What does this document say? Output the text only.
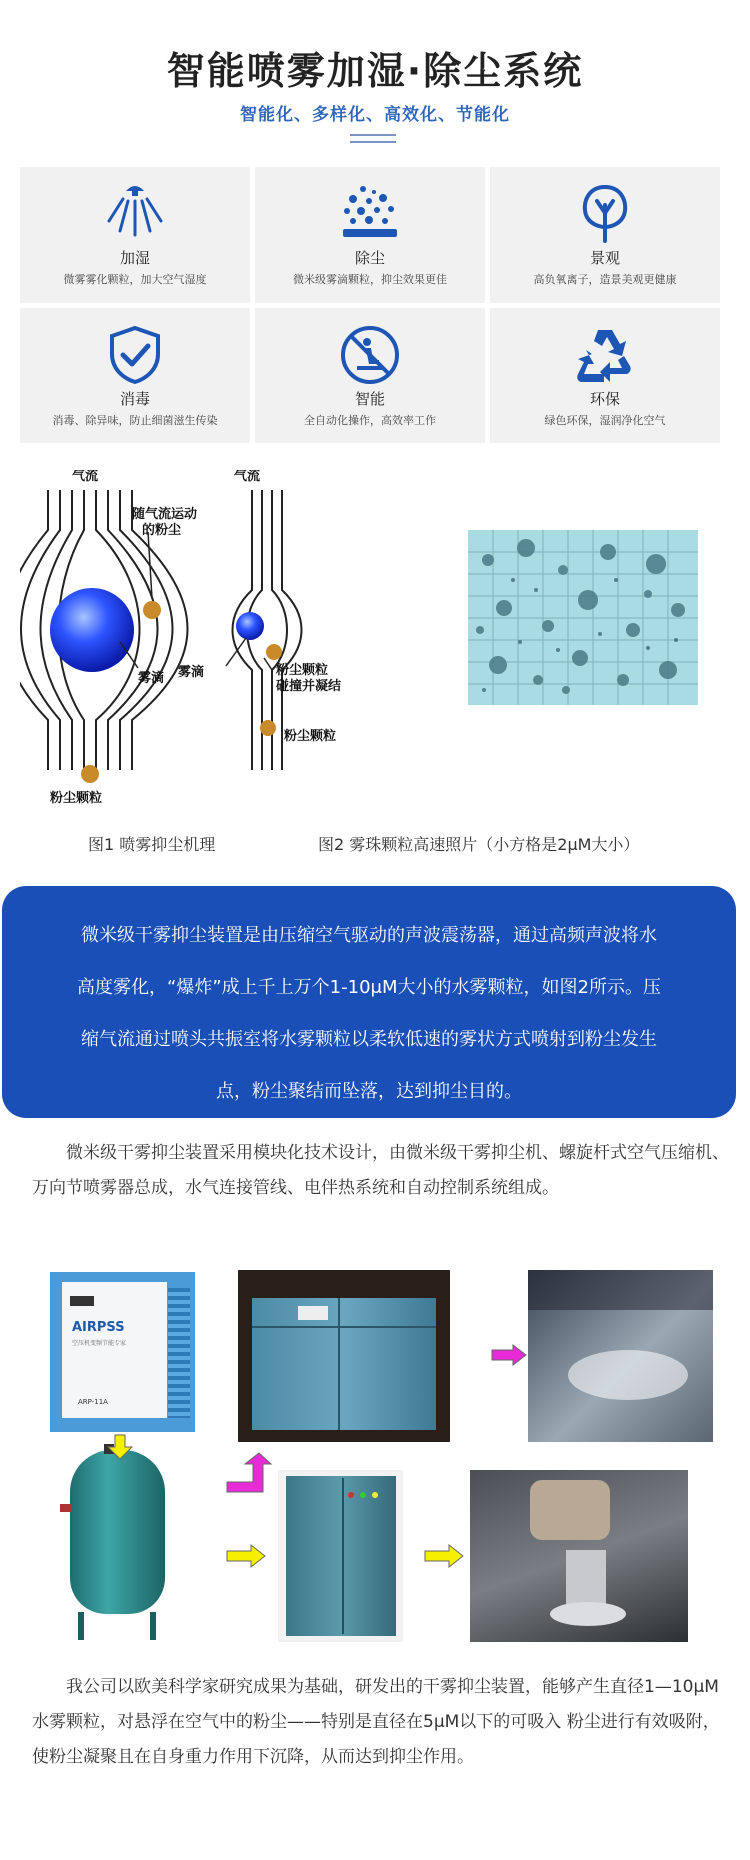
智能喷雾加湿·除尘系统
智能化、多样化、高效化、节能化
加湿
微雾雾化颗粒，加大空气湿度
除尘
微米级雾滴颗粒，抑尘效果更佳
景观
高负氧离子，造景美观更健康
消毒
消毒、除异味，防止细菌滋生传染
智能
全自动化操作，高效率工作
环保
绿色环保，湿润净化空气
气流	气流
随气流运动
的粉尘
雾滴 雾滴
粉尘颗粒
粉尘颗粒
碰撞并凝结
粉尘颗粒
图1 喷雾抑尘机理	图2 雾珠颗粒高速照片（小方格是2μM大小）
微米级干雾抑尘装置是由压缩空气驱动的声波震荡器，通过高频声波将水
高度雾化，“爆炸”成上千上万个1-10μM大小的水雾颗粒，如图2所示。压
缩气流通过喷头共振室将水雾颗粒以柔软低速的雾状方式喷射到粉尘发生
点，粉尘聚结而坠落，达到抑尘目的。
微米级干雾抑尘装置采用模块化技术设计，由微米级干雾抑尘机、螺旋杆式空气压缩机、万向节喷雾器总成，水气连接管线、电伴热系统和自动控制系统组成。
AIRPSS
空压机变频节能专家
ARP-11A
我公司以欧美科学家研究成果为基础，研发出的干雾抑尘装置，能够产生直径1—10μM水雾颗粒，对悬浮在空气中的粉尘——特别是直径在5μM以下的可吸入 粉尘进行有效吸附，使粉尘凝聚且在自身重力作用下沉降，从而达到抑尘作用。
